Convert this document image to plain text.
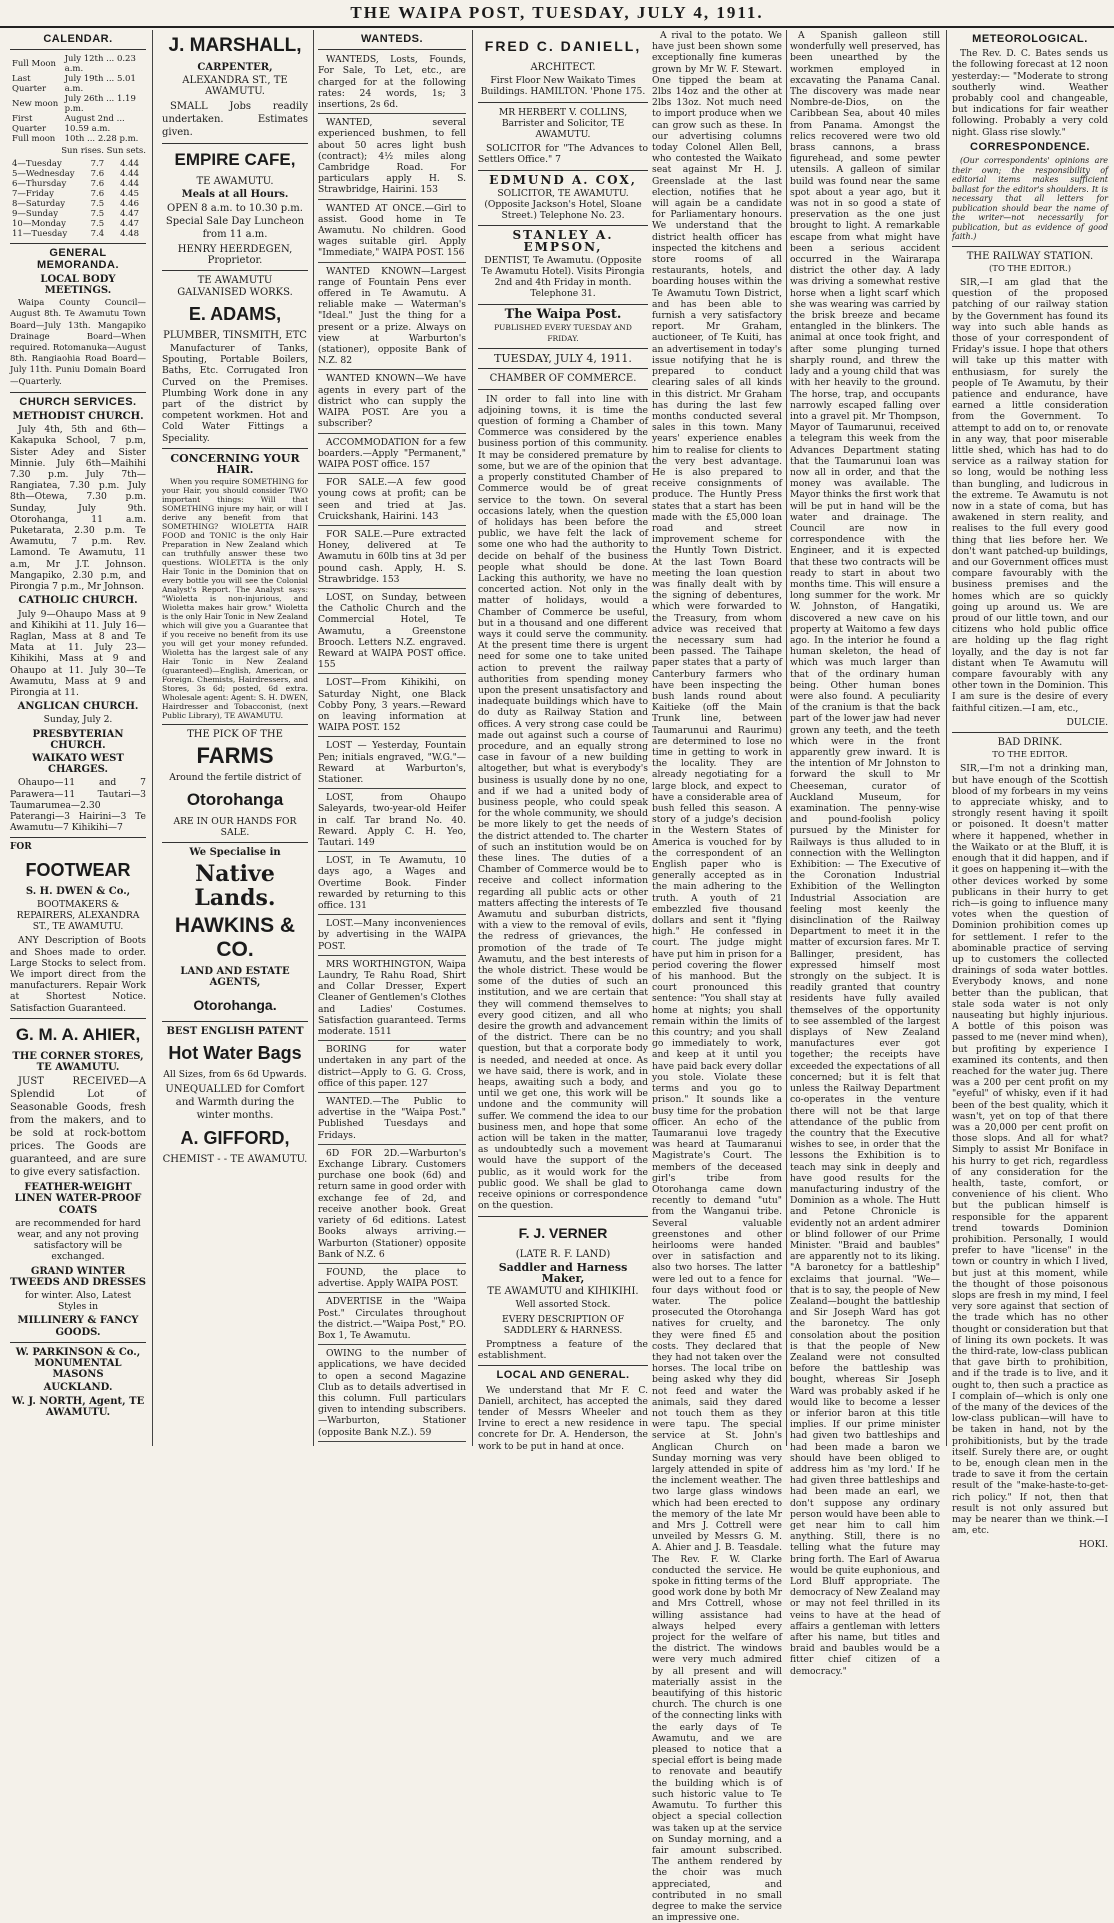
THE WAIPA POST, TUESDAY, JULY 4, 1911.
CALENDAR.
Full Moon	July 12th ... 0.23 a.m.
Last Quarter	July 19th ... 5.01 a.m.
New moon	July 26th ... 1.19 p.m.
First Quarter	August 2nd ... 10.59 a.m.
Full moon	10th ... 2.28 p.m.
Sun rises. Sun sets.
4—Tuesday	7.7	4.44
5—Wednesday	7.6	4.44
6—Thursday	7.6	4.44
7—Friday	7.6	4.45
8—Saturday	7.5	4.46
9—Sunday	7.5	4.47
10—Monday	7.5	4.47
11—Tuesday	7.4	4.48
GENERAL MEMORANDA.
LOCAL BODY MEETINGS.

Waipa County Council—August 8th. Te Awamutu Town Board—July 13th. Mangapiko Drainage Board—When required. Rotomanuka—August 8th. Rangiaohia Road Board—July 11th. Puniu Domain Board—Quarterly.

CHURCH SERVICES.
METHODIST CHURCH.

July 4th, 5th and 6th—Kakapuka School, 7 p.m, Sister Adey and Sister Minnie. July 6th—Maihihi 7.30 p.m. July 7th—Rangiatea, 7.30 p.m. July 8th—Otewa, 7.30 p.m. Sunday, July 9th. Otorohanga, 11 a.m. Puketarata, 2.30 p.m. Te Awamutu, 7 p.m. Rev. Lamond. Te Awamutu, 11 a.m, Mr J.T. Johnson. Mangapiko, 2.30 p.m, and Pirongia 7 p.m., Mr Johnson.

CATHOLIC CHURCH.

July 9—Ohaupo Mass at 9 and Kihikihi at 11. July 16—Raglan, Mass at 8 and Te Mata at 11. July 23—Kihikihi, Mass at 9 and Ohaupo at 11. July 30—Te Awamutu, Mass at 9 and Pirongia at 11.

ANGLICAN CHURCH.

Sunday, July 2.

PRESBYTERIAN CHURCH.
WAIKATO WEST CHARGES.

Ohaupo—11 and 7 Parawera—11 Tautari—3 Taumarumea—2.30 Paterangi—3 Hairini—3 Te Awamutu—7 Kihikihi—7

FOR
FOOTWEAR
S. H. DWEN & Co.,

BOOTMAKERS & REPAIRERS, ALEXANDRA ST., TE AWAMUTU.

ANY Description of Boots and Shoes made to order. Large Stocks to select from. We import direct from the manufacturers. Repair Work at Shortest Notice. Satisfaction Guaranteed.

G. M. A. AHIER,
THE CORNER STORES, TE AWAMUTU.

JUST RECEIVED—A Splendid Lot of Seasonable Goods, fresh from the makers, and to be sold at rock-bottom prices. The Goods are guaranteed, and are sure to give every satisfaction.

FEATHER-WEIGHT LINEN WATER-PROOF COATS

are recommended for hard wear, and any not proving satisfactory will be exchanged.

GRAND WINTER TWEEDS AND DRESSES

for winter. Also, Latest Styles in

MILLINERY & FANCY GOODS.
W. PARKINSON & Co., MONUMENTAL MASONS
AUCKLAND.
W. J. NORTH, Agent, TE AWAMUTU.
J. MARSHALL,
CARPENTER,
ALEXANDRA ST., TE AWAMUTU.

SMALL Jobs readily undertaken. Estimates given.

EMPIRE CAFE,
TE AWAMUTU.
Meals at all Hours.

OPEN 8 a.m. to 10.30 p.m. Special Sale Day Luncheon from 11 a.m.

HENRY HEERDEGEN, Proprietor.

TE AWAMUTU GALVANISED WORKS.
E. ADAMS,
PLUMBER, TINSMITH, ETC

Manufacturer of Tanks, Spouting, Portable Boilers, Baths, Etc. Corrugated Iron Curved on the Premises. Plumbing Work done in any part of the district by competent workmen. Hot and Cold Water Fittings a Speciality.

CONCERNING YOUR HAIR.

When you require SOMETHING for your Hair, you should consider TWO important things: Will that SOMETHING injure my hair, or will I derive any benefit from that SOMETHING? WIOLETTA HAIR FOOD and TONIC is the only Hair Preparation in New Zealand which can truthfully answer these two questions. WIOLETTA is the only Hair Tonic in the Dominion that on every bottle you will see the Colonial Analyst's Report. The Analyst says: "Wioletta is non-injurious, and Wioletta makes hair grow." Wioletta is the only Hair Tonic in New Zealand which will give you a Guarantee that if you receive no benefit from its use you will get your money refunded. Wioletta has the largest sale of any Hair Tonic in New Zealand (guaranteed)—English, American, or Foreign. Chemists, Hairdressers, and Stores, 3s 6d; posted, 6d extra. Wholesale agent: Agent: S. H. DWEN, Hairdresser and Tobacconist, (next Public Library), TE AWAMUTU.

THE PICK OF THE
FARMS

Around the fertile district of

Otorohanga

ARE IN OUR HANDS FOR SALE.

We Specialise in
Native Lands.
HAWKINS & CO.
LAND AND ESTATE AGENTS,
Otorohanga.
BEST ENGLISH PATENT
Hot Water Bags

All Sizes, from 6s 6d Upwards.

UNEQUALLED for Comfort and Warmth during the winter months.

A. GIFFORD,
CHEMIST - - TE AWAMUTU.
WANTEDS.

WANTEDS, Losts, Founds, For Sale, To Let, etc., are charged for at the following rates: 24 words, 1s; 3 insertions, 2s 6d.

WANTED, several experienced bushmen, to fell about 50 acres light bush (contract); 4½ miles along Cambridge Road. For particulars apply H. S. Strawbridge, Hairini. 153

WANTED AT ONCE.—Girl to assist. Good home in Te Awamutu. No children. Good wages suitable girl. Apply "Immediate," WAIPA POST. 156

WANTED KNOWN—Largest range of Fountain Pens ever offered in Te Awamutu. A reliable make — Waterman's "Ideal." Just the thing for a present or a prize. Always on view at Warburton's (stationer), opposite Bank of N.Z. 82

WANTED KNOWN—We have agents in every part of the district who can supply the WAIPA POST. Are you a subscriber?

ACCOMMODATION for a few boarders.—Apply "Permanent," WAIPA POST office. 157

FOR SALE.—A few good young cows at profit; can be seen and tried at Jas. Cruickshank, Hairini. 143

FOR SALE.—Pure extracted Honey, delivered at Te Awamutu in 60lb tins at 3d per pound cash. Apply, H. S. Strawbridge. 153

LOST, on Sunday, between the Catholic Church and the Commercial Hotel, Te Awamutu, a Greenstone Brooch. Letters N.Z. engraved. Reward at WAIPA POST office. 155

LOST—From Kihikihi, on Saturday Night, one Black Cobby Pony, 3 years.—Reward on leaving information at WAIPA POST. 152

LOST — Yesterday, Fountain Pen; initials engraved, "W.G."—Reward at Warburton's, Stationer.

LOST, from Ohaupo Saleyards, two-year-old Heifer in calf. Tar brand No. 40. Reward. Apply C. H. Yeo, Tautari. 149

LOST, in Te Awamutu, 10 days ago, a Wages and Overtime Book. Finder rewarded by returning to this office. 131

LOST.—Many inconveniences by advertising in the WAIPA POST.

MRS WORTHINGTON, Waipa Laundry, Te Rahu Road, Shirt and Collar Dresser, Expert Cleaner of Gentlemen's Clothes and Ladies' Costumes. Satisfaction guaranteed. Terms moderate. 1511

BORING for water undertaken in any part of the district—Apply to G. G. Cross, office of this paper. 127

WANTED.—The Public to advertise in the "Waipa Post." Published Tuesdays and Fridays.

6D FOR 2D.—Warburton's Exchange Library. Customers purchase one book (6d) and return same in good order with exchange fee of 2d, and receive another book. Great variety of 6d editions. Latest Books always arriving.—Warburton (Stationer) opposite Bank of N.Z. 6

FOUND, the place to advertise. Apply WAIPA POST.

ADVERTISE in the "Waipa Post." Circulates throughout the district.—"Waipa Post," P.O. Box 1, Te Awamutu.

OWING to the number of applications, we have decided to open a second Magazine Club as to details advertised in this column. Full particulars given to intending subscribers.—Warburton, Stationer (opposite Bank N.Z.). 59

FRED C. DANIELL,
ARCHITECT.

First Floor New Waikato Times Buildings. HAMILTON. 'Phone 175.

MR HERBERT V. COLLINS, Barrister and Solicitor, TE AWAMUTU.

SOLICITOR for "The Advances to Settlers Office." 7

EDMUND A. COX,

SOLICITOR, TE AWAMUTU. (Opposite Jackson's Hotel, Sloane Street.) Telephone No. 23.

STANLEY A. EMPSON,

DENTIST, Te Awamutu. (Opposite Te Awamutu Hotel). Visits Pirongia 2nd and 4th Friday in month. Telephone 31.

The Waipa Post.
PUBLISHED EVERY TUESDAY AND FRIDAY.
TUESDAY, JULY 4, 1911.
CHAMBER OF COMMERCE.

IN order to fall into line with adjoining towns, it is time the question of forming a Chamber of Commerce was considered by the business portion of this community. It may be considered premature by some, but we are of the opinion that a properly constituted Chamber of Commerce would be of great service to the town. On several occasions lately, when the question of holidays has been before the public, we have felt the lack of some one who had the authority to decide on behalf of the business people what should be done. Lacking this authority, we have no concerted action. Not only in the matter of holidays, would a Chamber of Commerce be useful, but in a thousand and one different ways it could serve the community. At the present time there is urgent need for some one to take united action to prevent the railway authorities from spending money upon the present unsatisfactory and inadequate buildings which have to do duty as Railway Station and offices. A very strong case could be made out against such a course of procedure, and an equally strong case in favour of a new building altogether, but what is everybody's business is usually done by no one, and if we had a united body of business people, who could speak for the whole community, we should be more likely to get the needs of the district attended to. The charter of such an institution would be on these lines. The duties of a Chamber of Commerce would be to receive and collect information regarding all public acts or other matters affecting the interests of Te Awamutu and suburban districts, with a view to the removal of evils, the redress of grievances, the promotion of the trade of Te Awamutu, and the best interests of the whole district. These would be some of the duties of such an institution, and we are certain that they will commend themselves to every good citizen, and all who desire the growth and advancement of the district. There can be no question, but that a corporate body is needed, and needed at once. As we have said, there is work, and in heaps, awaiting such a body, and until we get one, this work will be undone and the community will suffer. We commend the idea to our business men, and hope that some action will be taken in the matter, as undoubtedly such a movement would have the support of the public, as it would work for the public good. We shall be glad to receive opinions or correspondence on the question.

F. J. VERNER
(LATE R. F. LAND)
Saddler and Harness Maker,
TE AWAMUTU and KIHIKIHI.

Well assorted Stock.

EVERY DESCRIPTION OF SADDLERY & HARNESS.

Promptness a feature of the establishment.

LOCAL AND GENERAL.

We understand that Mr F. C. Daniell, architect, has accepted the tender of Messrs Wheeler and Irvine to erect a new residence in concrete for Dr. A. Henderson, the work to be put in hand at once.

A rival to the potato. We have just been shown some exceptionally fine kumeras grown by Mr W. F. Stewart. One tipped the beam at 2lbs 14oz and the other at 2lbs 13oz. Not much need to import produce when we can grow such as these. In our advertising columns today Colonel Allen Bell, who contested the Waikato seat against Mr H. J. Greenslade at the last election, notifies that he will again be a candidate for Parliamentary honours. We understand that the district health officer has inspected the kitchens and store rooms of all restaurants, hotels, and boarding houses within the Te Awamutu Town District, and has been able to furnish a very satisfactory report. Mr Graham, auctioneer, of Te Kuiti, has an advertisement in today's issue notifying that he is prepared to conduct clearing sales of all kinds in this district. Mr Graham has during the last few months conducted several sales in this town. Many years' experience enables him to realise for clients to the very best advantage. He is also prepared to receive consignments of produce. The Huntly Press states that a start has been made with the £5,000 loan road and street improvement scheme for the Huntly Town District. At the last Town Board meeting the loan question was finally dealt with by the signing of debentures, which were forwarded to the Treasury, from whom advice was received that the necessary sum had been passed. The Taihape paper states that a party of Canterbury farmers who have been inspecting the bush lands round about Kaitieke (off the Main Trunk line, between Taumarunui and Raurimu) are determined to lose no time in getting to work in the locality. They are already negotiating for a large block, and expect to have a considerable area of bush felled this season. A story of a judge's decision in the Western States of America is vouched for by the correspondent of an English paper who is generally accepted as in the main adhering to the truth. A youth of 21 embezzled five thousand dollars and sent it "flying high." He confessed in court. The judge might have put him in prison for a period covering the flower of his manhood. But the court pronounced this sentence: "You shall stay at home at nights; you shall remain within the limits of this country; and you shall go immediately to work, and keep at it until you have paid back every dollar you stole. Violate these terms and you go to prison." It sounds like a busy time for the probation officer. An echo of the Taumaranui love tragedy was heard at Taumaranui Magistrate's Court. The members of the deceased girl's tribe from Otorohanga came down recently to demand "utu" from the Wanganui tribe. Several valuable greenstones and other heirlooms were handed over in satisfaction and also two horses. The latter were led out to a fence for four days without food or water. The police prosecuted the Otorohanga natives for cruelty, and they were fined £5 and costs. They declared that they had not taken over the horses. The local tribe on being asked why they did not feed and water the animals, said they dared not touch them as they were tapu. The special service at St. John's Anglican Church on Sunday morning was very largely attended in spite of the inclement weather. The two large glass windows which had been erected to the memory of the late Mr and Mrs J. Cottrell were unveiled by Messrs G. M. A. Ahier and J. B. Teasdale. The Rev. F. W. Clarke conducted the service. He spoke in fitting terms of the good work done by both Mr and Mrs Cottrell, whose willing assistance had always helped every project for the welfare of the district. The windows were very much admired by all present and will materially assist in the beautifying of this historic church. The church is one of the connecting links with the early days of Te Awamutu, and we are pleased to notice that a special effort is being made to renovate and beautify the building which is of such historic value to Te Awamutu. To further this object a special collection was taken up at the service on Sunday morning, and a fair amount subscribed. The anthem rendered by the choir was much appreciated, and contributed in no small degree to make the service an impressive one.

A Spanish galleon still wonderfully well preserved, has been unearthed by the workmen employed in excavating the Panama Canal. The discovery was made near Nombre-de-Dios, on the Caribbean Sea, about 40 miles from Panama. Amongst the relics recovered were two old brass cannons, a brass figurehead, and some pewter utensils. A galleon of similar build was found near the same spot about a year ago, but it was not in so good a state of preservation as the one just brought to light. A remarkable escape from what might have been a serious accident occurred in the Wairarapa district the other day. A lady was driving a somewhat restive horse when a light scarf which she was wearing was carried by the brisk breeze and became entangled in the blinkers. The animal at once took fright, and after some plunging turned sharply round, and threw the lady and a young child that was with her heavily to the ground. The horse, trap, and occupants narrowly escaped falling over into a gravel pit. Mr Thompson, Mayor of Taumarunui, received a telegram this week from the Advances Department stating that the Taumarunui loan was now all in order, and that the money was available. The Mayor thinks the first work that will be put in hand will be the water and drainage. The Council are now in correspondence with the Engineer, and it is expected that these two contracts will be ready to start in about two months time. This will ensure a long summer for the work. Mr W. Johnston, of Hangatiki, discovered a new cave on his property at Waitomo a few days ago. In the interior he found a human skeleton, the head of which was much larger than that of the ordinary human being. Other human bones were also found. A peculiarity of the cranium is that the back part of the lower jaw had never grown any teeth, and the teeth which were in the front apparently grew inward. It is the intention of Mr Johnston to forward the skull to Mr Cheeseman, curator of Auckland Museum, for examination. The penny-wise and pound-foolish policy pursued by the Minister for Railways is thus alluded to in connection with the Wellington Exhibition: — The Executive of the Coronation Industrial Exhibition of the Wellington Industrial Association are feeling most keenly the disinclination of the Railway Department to meet it in the matter of excursion fares. Mr T. Ballinger, president, has expressed himself most strongly on the subject. It is readily granted that country residents have fully availed themselves of the opportunity to see assembled of the largest displays of New Zealand manufactures ever got together; the receipts have exceeded the expectations of all concerned; but it is felt that unless the Railway Department co-operates in the venture there will not be that large attendance of the public from the country that the Executive wishes to see, in order that the lessons the Exhibition is to teach may sink in deeply and have good results for the manufacturing industry of the Dominion as a whole. The Hutt and Petone Chronicle is evidently not an ardent admirer or blind follower of our Prime Minister. "Braid and baubles" are apparently not to its liking. "A baronetcy for a battleship" exclaims that journal. "We—that is to say, the people of New Zealand—bought the battleship and Sir Joseph Ward has got the baronetcy. The only consolation about the position is that the people of New Zealand were not consulted before the battleship was bought, whereas Sir Joseph Ward was probably asked if he would like to become a lesser or inferior baron at this title implies. If our prime minister had given two battleships and had been made a baron we should have been obliged to address him as 'my lord.' If he had given three battleships and had been made an earl, we don't suppose any ordinary person would have been able to get near him to call him anything. Still, there is no telling what the future may bring forth. The Earl of Awarua would be quite euphonious, and Lord Bluff appropriate. The democracy of New Zealand may or may not feel thrilled in its veins to have at the head of affairs a gentleman with letters after his name, but titles and braid and baubles would be a fitter chief citizen of a democracy."

METEOROLOGICAL.

The Rev. D. C. Bates sends us the following forecast at 12 noon yesterday:— "Moderate to strong southerly wind. Weather probably cool and changeable, but indications for fair weather following. Probably a very cold night. Glass rise slowly."

CORRESPONDENCE.

(Our correspondents' opinions are their own; the responsibility of editorial items makes sufficient ballast for the editor's shoulders. It is necessary that all letters for publication should bear the name of the writer—not necessarily for publication, but as evidence of good faith.)

THE RAILWAY STATION.
(TO THE EDITOR.)

SIR,—I am glad that the question of the proposed patching of our railway station by the Government has found its way into such able hands as those of your correspondent of Friday's issue. I hope that others will take up this matter with enthusiasm, for surely the people of Te Awamutu, by their patience and endurance, have earned a little consideration from the Government. To attempt to add on to, or renovate in any way, that poor miserable little shed, which has had to do service as a railway station for so long, would be nothing less than bungling, and ludicrous in the extreme. Te Awamutu is not now in a state of coma, but has awakened in stern reality, and realises to the full every good thing that lies before her. We don't want patched-up buildings, and our Government offices must compare favourably with the business premises and the homes which are so quickly going up around us. We are proud of our little town, and our citizens who hold public office are holding up the flag right loyally, and the day is not far distant when Te Awamutu will compare favourably with any other town in the Dominion. This I am sure is the desire of every faithful citizen.—I am, etc.,

DULCIE.

BAD DRINK.
TO THE EDITOR.

SIR,—I'm not a drinking man, but have enough of the Scottish blood of my forbears in my veins to appreciate whisky, and to strongly resent having it spoilt or poisoned. It doesn't matter where it happened, whether in the Waikato or at the Bluff, it is enough that it did happen, and if it goes on happening it—with the other devices worked by some publicans in their hurry to get rich—is going to influence many votes when the question of Dominion prohibition comes up for settlement. I refer to the abominable practice of serving up to customers the collected drainings of soda water bottles. Everybody knows, and none better than the publican, that stale soda water is not only nauseating but highly injurious. A bottle of this poison was passed to me (never mind when), but profiting by experience I examined its contents, and then reached for the water jug. There was a 200 per cent profit on my "eyeful" of whisky, even if it had been of the best quality, which it wasn't, yet on top of that there was a 20,000 per cent profit on those slops. And all for what? Simply to assist Mr Boniface in his hurry to get rich, regardless of any consideration for the health, taste, comfort, or convenience of his client. Who but the publican himself is responsible for the apparent trend towards Dominion prohibition. Personally, I would prefer to have "license" in the town or country in which I lived, but just at this moment, while the thought of those poisonous slops are fresh in my mind, I feel very sore against that section of the trade which has no other thought or consideration but that of lining its own pockets. It was the third-rate, low-class publican that gave birth to prohibition, and if the trade is to live, and it ought to, then such a practice as I complain of—which is only one of the many of the devices of the low-class publican—will have to be taken in hand, not by the prohibitionists, but by the trade itself. Surely there are, or ought to be, enough clean men in the trade to save it from the certain result of the "make-haste-to-get-rich policy." If not, then that result is not only assured but may be nearer than we think.—I am, etc.

HOKI.
